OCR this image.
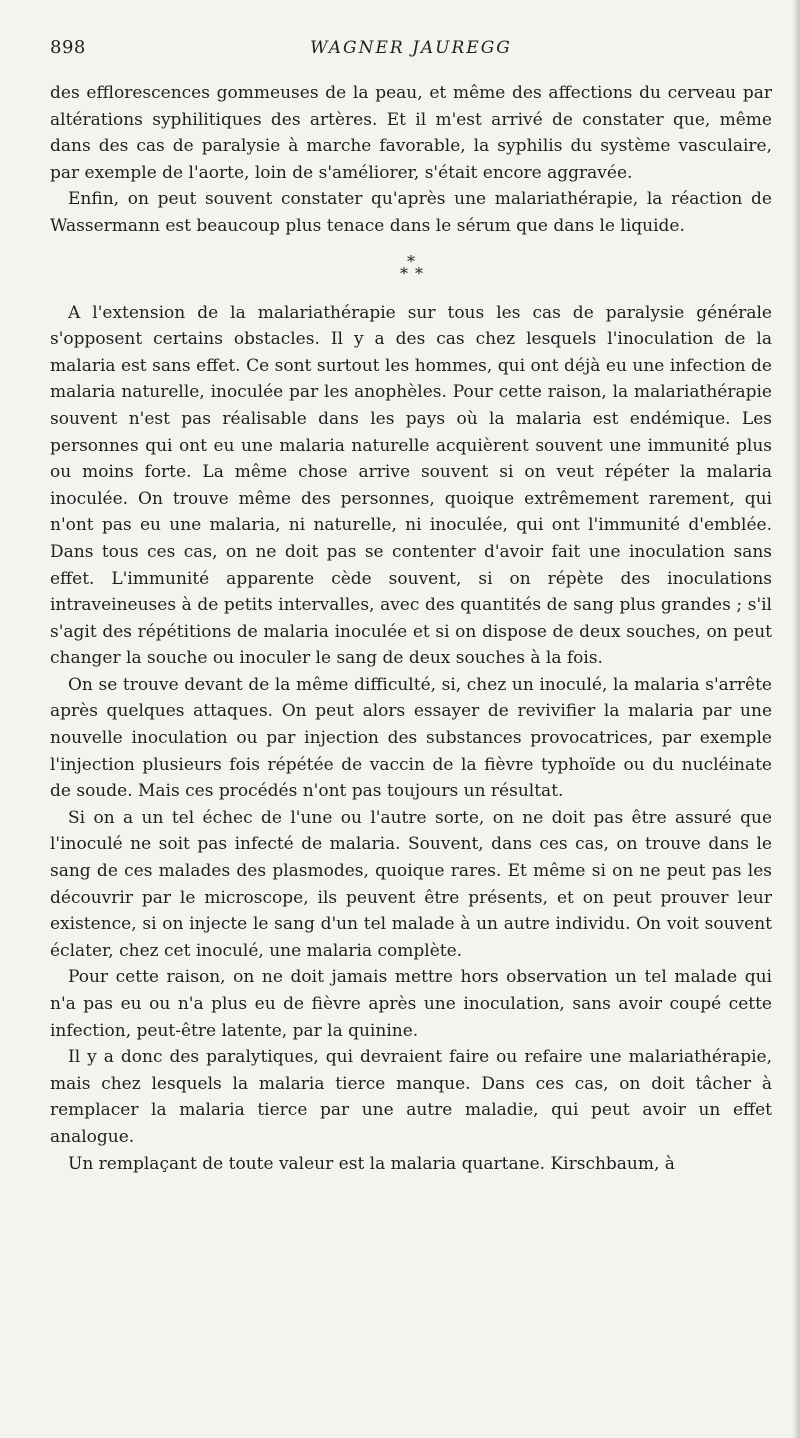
898	WAGNER JAUREGG

des efflorescences gommeuses de la peau, et même des affections du cerveau par altérations syphilitiques des artères. Et il m'est arrivé de constater que, même dans des cas de paralysie à marche favorable, la syphilis du système vasculaire, par exemple de l'aorte, loin de s'améliorer, s'était encore aggravée.

Enfin, on peut souvent constater qu'après une malariathérapie, la réaction de Wassermann est beaucoup plus tenace dans le sérum que dans le liquide.

*
* *

A l'extension de la malariathérapie sur tous les cas de paralysie générale s'opposent certains obstacles. Il y a des cas chez lesquels l'inoculation de la malaria est sans effet. Ce sont surtout les hommes, qui ont déjà eu une infection de malaria naturelle, inoculée par les anophèles. Pour cette raison, la malariathérapie souvent n'est pas réalisable dans les pays où la malaria est endémique. Les personnes qui ont eu une malaria naturelle acquièrent souvent une immunité plus ou moins forte. La même chose arrive souvent si on veut répéter la malaria inoculée. On trouve même des personnes, quoique extrêmement rarement, qui n'ont pas eu une malaria, ni naturelle, ni inoculée, qui ont l'immunité d'emblée. Dans tous ces cas, on ne doit pas se contenter d'avoir fait une inoculation sans effet. L'immunité apparente cède souvent, si on répète des inoculations intraveineuses à de petits intervalles, avec des quantités de sang plus grandes ; s'il s'agit des répétitions de malaria inoculée et si on dispose de deux souches, on peut changer la souche ou inoculer le sang de deux souches à la fois.

On se trouve devant de la même difficulté, si, chez un inoculé, la malaria s'arrête après quelques attaques. On peut alors essayer de revivifier la malaria par une nouvelle inoculation ou par injection des substances provocatrices, par exemple l'injection plusieurs fois répétée de vaccin de la fièvre typhoïde ou du nucléinate de soude. Mais ces procédés n'ont pas toujours un résultat.

Si on a un tel échec de l'une ou l'autre sorte, on ne doit pas être assuré que l'inoculé ne soit pas infecté de malaria. Souvent, dans ces cas, on trouve dans le sang de ces malades des plasmodes, quoique rares. Et même si on ne peut pas les découvrir par le microscope, ils peuvent être présents, et on peut prouver leur existence, si on injecte le sang d'un tel malade à un autre individu. On voit souvent éclater, chez cet inoculé, une malaria complète.

Pour cette raison, on ne doit jamais mettre hors observation un tel malade qui n'a pas eu ou n'a plus eu de fièvre après une inoculation, sans avoir coupé cette infection, peut-être latente, par la quinine.

Il y a donc des paralytiques, qui devraient faire ou refaire une malariathérapie, mais chez lesquels la malaria tierce manque. Dans ces cas, on doit tâcher à remplacer la malaria tierce par une autre maladie, qui peut avoir un effet analogue.

Un remplaçant de toute valeur est la malaria quartane. Kirschbaum, à
